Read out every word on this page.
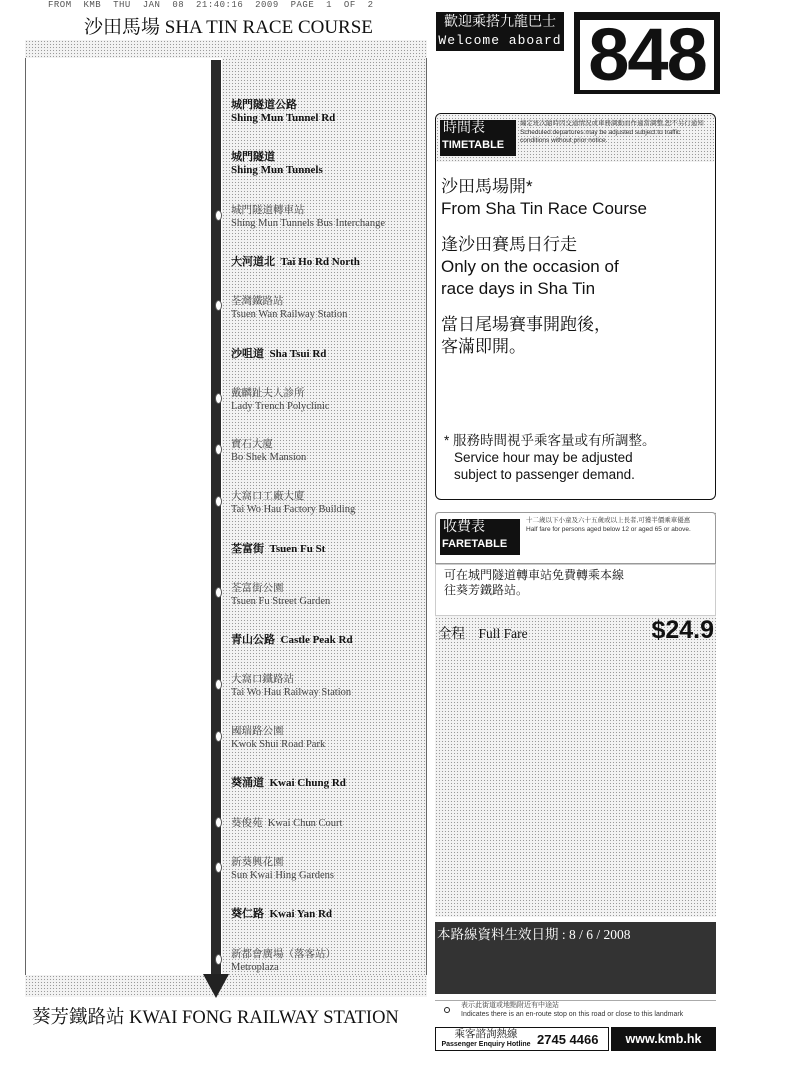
FROM KMB THU JAN 08 21:40:16 2009 PAGE 1 OF 2
沙田馬場 SHA TIN RACE COURSE
城門隧道公路
Shing Mun Tunnel Rd
城門隧道
Shing Mun Tunnels
城門隧道轉車站
Shing Mun Tunnels Bus Interchange
大河道北 Tai Ho Rd North
荃灣鐵路站
Tsuen Wan Railway Station
沙咀道 Sha Tsui Rd
戴麟趾夫人診所
Lady Trench Polyclinic
寶石大廈
Bo Shek Mansion
大窩口工廠大廈
Tai Wo Hau Factory Building
荃富街 Tsuen Fu St
荃富街公園
Tsuen Fu Street Garden
青山公路 Castle Peak Rd
大窩口鐵路站
Tai Wo Hau Railway Station
國瑞路公園
Kwok Shui Road Park
葵涌道 Kwai Chung Rd
葵俊苑 Kwai Chun Court
新葵興花園
Sun Kwai Hing Gardens
葵仁路 Kwai Yan Rd
新都會廣場（落客站）
Metroplaza
葵芳鐵路站 KWAI FONG RAILWAY STATION
歡迎乘搭九龍巴士
Welcome aboard 848
時間表
TIMETABLE
編定班次隨時因交通情況或車務調動而作適當調整,恕不另行通知
Scheduled departures may be adjusted subject to traffic conditions without prior notice.
沙田馬場開*
From Sha Tin Race Course
逢沙田賽馬日行走
Only on the occasion of
race days in Sha Tin
當日尾場賽事開跑後，
客滿即開。
* 服務時間視乎乘客量或有所調整。
Service hour may be adjusted
subject to passenger demand.
收費表
FARETABLE
十二歲以下小童及六十五歲或以上長者,可獲半價乘車優惠
Half fare for persons aged below 12 or aged 65 or above.
可在城門隧道轉車站免費轉乘本線
往葵芳鐵路站。
全程　Full Fare	$24.9
本路線資料生效日期 : 8 / 6 / 2008
表示此街道或地點附近有中途站
Indicates there is an en-route stop on this road or close to this landmark
乘客諮詢熱線
Passenger Enquiry Hotline 2745 4466	www.kmb.hk
